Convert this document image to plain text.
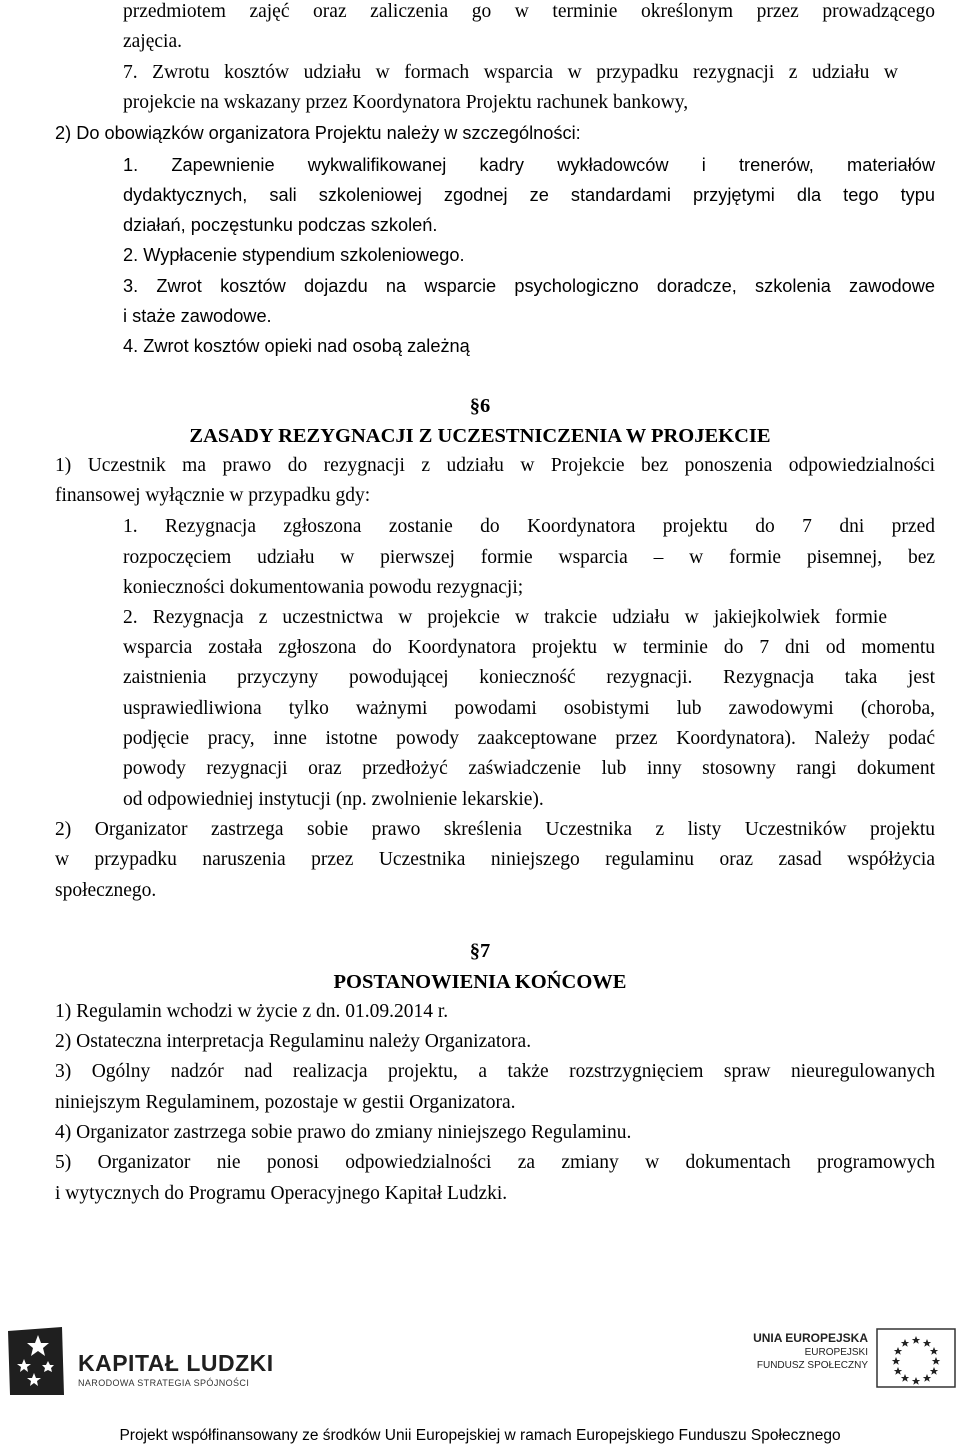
przedmiotem zajęć oraz zaliczenia go w terminie określonym przez prowadzącego
zajęcia.
7. Zwrotu kosztów udziału w formach wsparcia w przypadku rezygnacji z udziału w
projekcie na wskazany przez Koordynatora Projektu rachunek bankowy,
2) Do obowiązków organizatora Projektu należy w szczególności:
1. Zapewnienie wykwalifikowanej kadry wykładowców i trenerów, materiałów
dydaktycznych, sali szkoleniowej zgodnej ze standardami przyjętymi dla tego typu
działań, poczęstunku podczas szkoleń.
2. Wypłacenie stypendium szkoleniowego.
3. Zwrot kosztów dojazdu na wsparcie psychologiczno doradcze, szkolenia zawodowe
i staże zawodowe.
4. Zwrot kosztów opieki nad osobą zależną
§6
ZASADY REZYGNACJI Z UCZESTNICZENIA W PROJEKCIE
1) Uczestnik ma prawo do rezygnacji z udziału w Projekcie bez ponoszenia odpowiedzialności
finansowej wyłącznie w przypadku gdy:
1. Rezygnacja zgłoszona zostanie do Koordynatora projektu do 7 dni przed
rozpoczęciem udziału w pierwszej formie wsparcia – w formie pisemnej, bez
konieczności dokumentowania powodu rezygnacji;
2. Rezygnacja z uczestnictwa w projekcie w trakcie udziału w jakiejkolwiek formie
wsparcia została zgłoszona do Koordynatora projektu w terminie do 7 dni od momentu
zaistnienia przyczyny powodującej konieczność rezygnacji. Rezygnacja taka jest
usprawiedliwiona tylko ważnymi powodami osobistymi lub zawodowymi (choroba,
podjęcie pracy, inne istotne powody zaakceptowane przez Koordynatora). Należy podać
powody rezygnacji oraz przedłożyć zaświadczenie lub inny stosowny rangi dokument
od odpowiedniej instytucji (np. zwolnienie lekarskie).
2) Organizator zastrzega sobie prawo skreślenia Uczestnika z listy Uczestników projektu
w przypadku naruszenia przez Uczestnika niniejszego regulaminu oraz zasad współżycia
społecznego.
§7
POSTANOWIENIA KOŃCOWE
1) Regulamin wchodzi w życie z dn. 01.09.2014 r.
2) Ostateczna interpretacja Regulaminu należy Organizatora.
3) Ogólny nadzór nad realizacja projektu, a także rozstrzygnięciem spraw nieuregulowanych
niniejszym Regulaminem, pozostaje w gestii Organizatora.
4) Organizator zastrzega sobie prawo do zmiany niniejszego Regulaminu.
5) Organizator nie ponosi odpowiedzialności za zmiany w dokumentach programowych
i wytycznych do Programu Operacyjnego Kapitał Ludzki.
KAPITAŁ LUDZKI
NARODOWA STRATEGIA SPÓJNOŚCI
UNIA EUROPEJSKA
EUROPEJSKI
FUNDUSZ SPOŁECZNY
Projekt współfinansowany ze środków Unii Europejskiej w ramach Europejskiego Funduszu Społecznego
